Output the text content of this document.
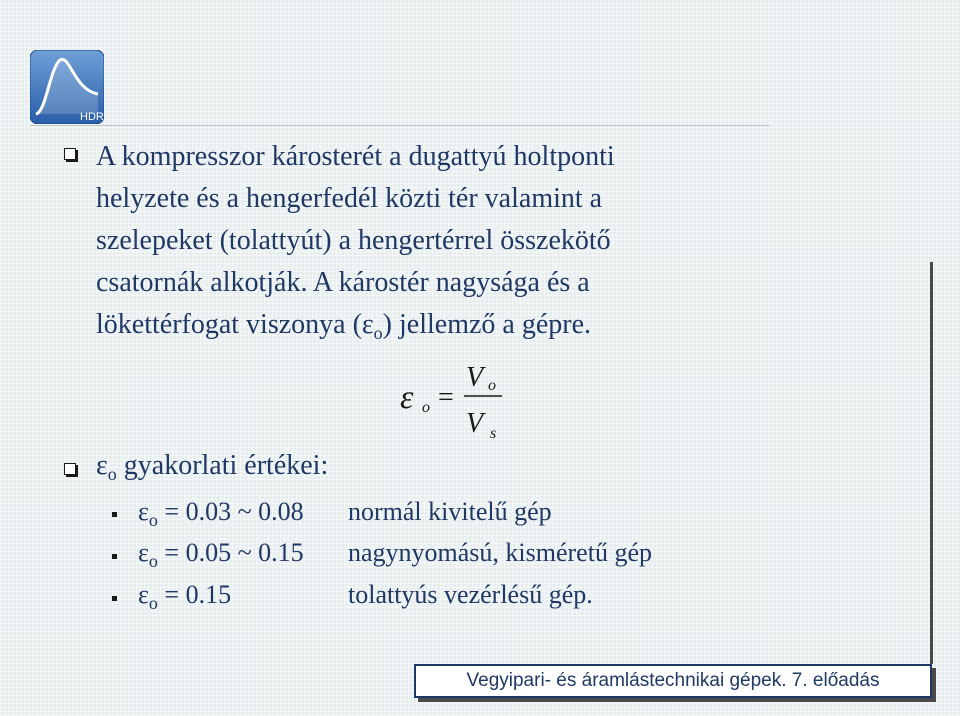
HDR
A kompresszor károsterét a dugattyú holtponti
helyzete és a hengerfedél közti tér valamint a
szelepeket (tolattyút) a hengertérrel összekötő
csatornák alkotják. A károstér nagysága és a
lökettérfogat viszonya $(\varepsilon_o)$ jellemző a gépre.
ε o =
V o
V s
$\varepsilon_o$ gyakorlati értékei:
$\varepsilon_o = 0.03$ ~ 0.08 normál kivitelű gép
$\varepsilon_o = 0.05$ ~ 0.15 nagynyomású, kisméretű gép
$\varepsilon_o = 0.15$	tolattyús vezérlésű gép.
Vegyipari- és áramlástechnikai gépek. 7. előadás
